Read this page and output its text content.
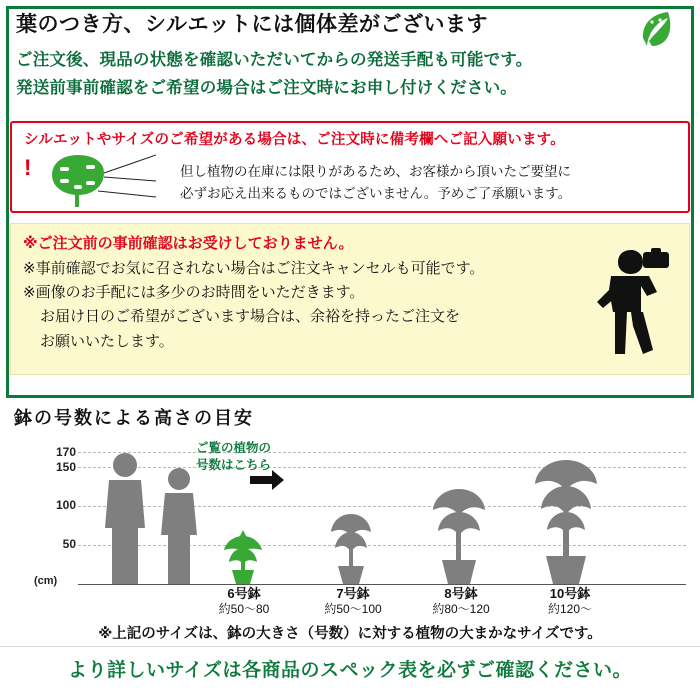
葉のつき方、シルエットには個体差がございます
ご注文後、現品の状態を確認いただいてからの発送手配も可能です。
発送前事前確認をご希望の場合はご注文時にお申し付けください。
シルエットやサイズのご希望がある場合は、ご注文時に備考欄へご記入願います。
!	但し植物の在庫には限りがあるため、お客様から頂いたご要望に
必ずお応え出来るものではございません。予めご了承願います。
※ご注文前の事前確認はお受けしておりません。
※事前確認でお気に召されない場合はご注文キャンセルも可能です。
※画像のお手配には多少のお時間をいただきます。
お届け日のご希望がございます場合は、余裕を持ったご注文を
お願いいたします。
鉢の号数による高さの目安
170
150
100
50
(cm)
ご覧の植物の
号数はこちら
6号鉢
約50〜80
7号鉢
約50〜100
8号鉢
約80〜120
10号鉢
約120〜
※上記のサイズは、鉢の大きさ（号数）に対する植物の大まかなサイズです。
より詳しいサイズは各商品のスペック表を必ずご確認ください。
